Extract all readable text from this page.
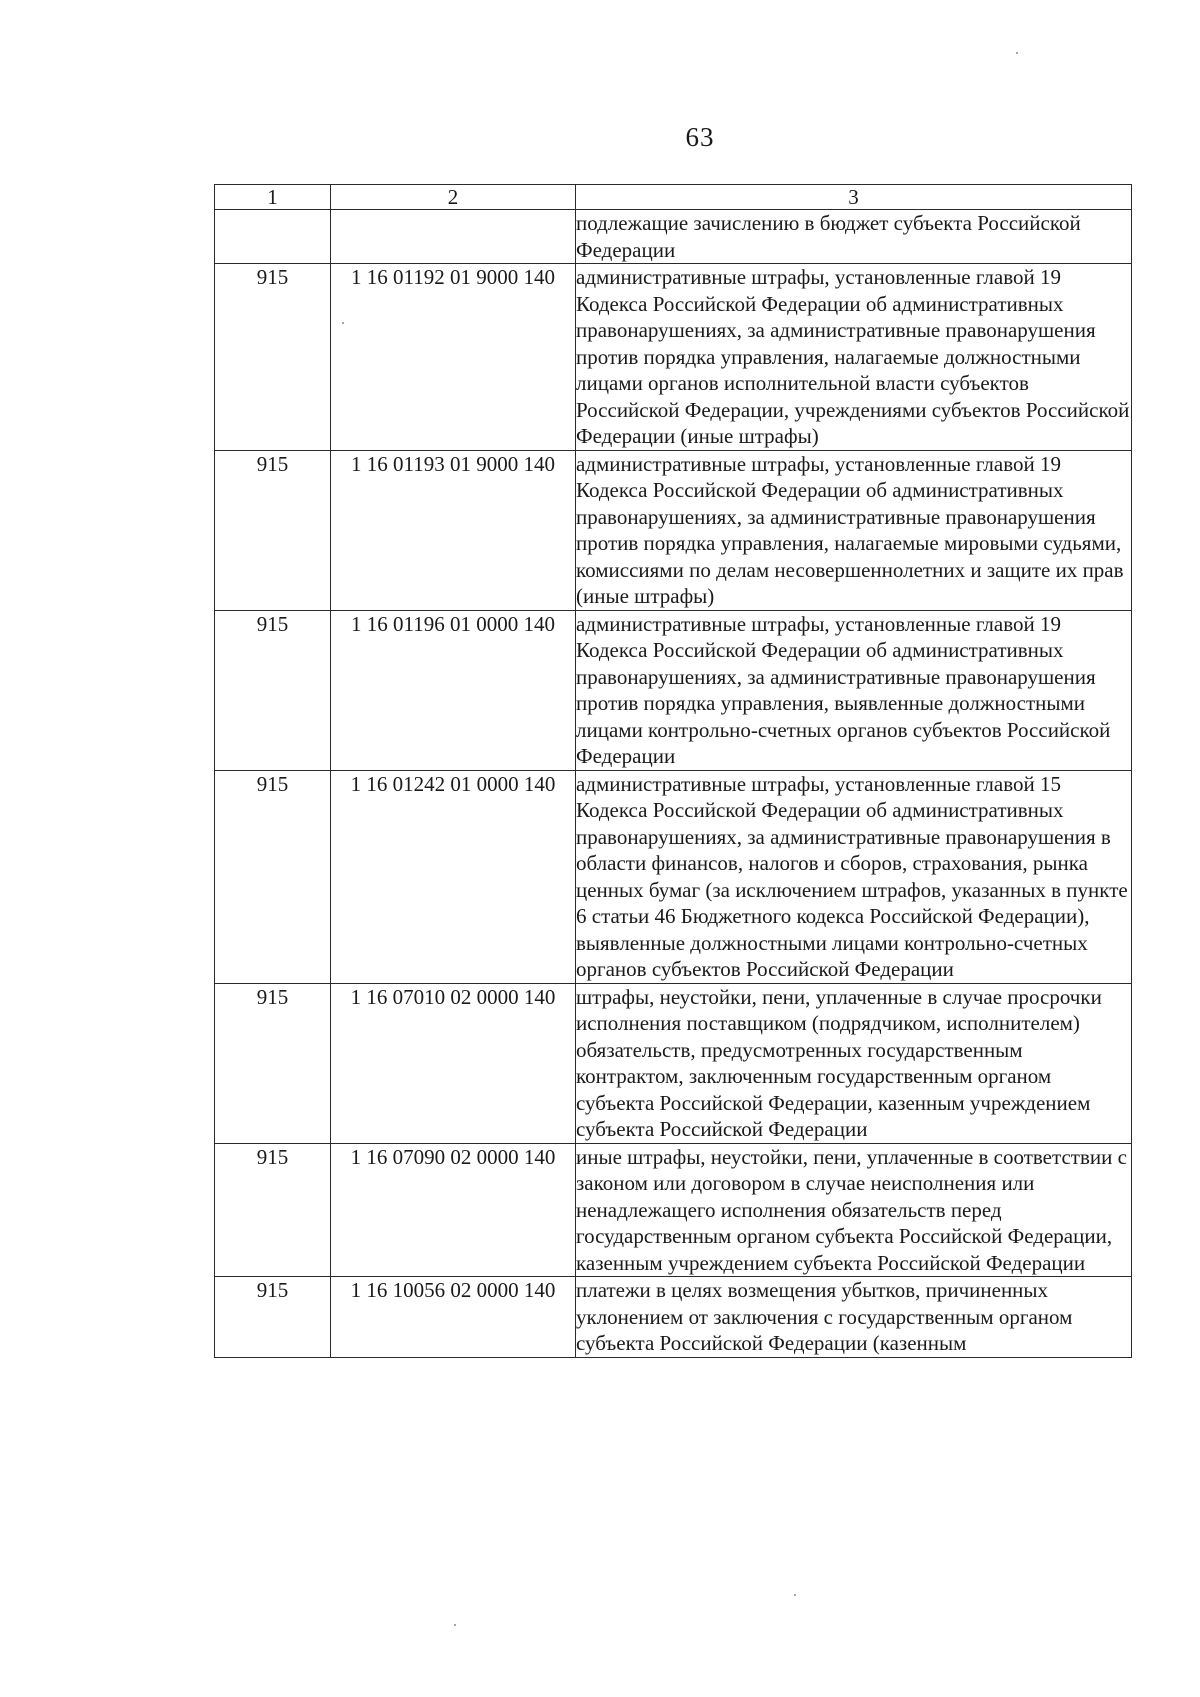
63
1	2	3
		подлежащие зачислению в бюджет субъекта Российской Федерации
915	1 16 01192 01 9000 140	административные штрафы, установленные главой 19 Кодекса Российской Федерации об административных правонарушениях, за административные правонарушения против порядка управления, налагаемые должностными лицами органов исполнительной власти субъектов Российской Федерации, учреждениями субъектов Российской Федерации (иные штрафы)
915	1 16 01193 01 9000 140	административные штрафы, установленные главой 19 Кодекса Российской Федерации об административных правонарушениях, за административные правонарушения против порядка управления, налагаемые мировыми судьями, комиссиями по делам несовершеннолетних и защите их прав (иные штрафы)
915	1 16 01196 01 0000 140	административные штрафы, установленные главой 19 Кодекса Российской Федерации об административных правонарушениях, за административные правонарушения против порядка управления, выявленные должностными лицами контрольно-счетных органов субъектов Российской Федерации
915	1 16 01242 01 0000 140	административные штрафы, установленные главой 15 Кодекса Российской Федерации об административных правонарушениях, за административные правонарушения в области финансов, налогов и сборов, страхования, рынка ценных бумаг (за исключением штрафов, указанных в пункте 6 статьи 46 Бюджетного кодекса Российской Федерации), выявленные должностными лицами контрольно-счетных органов субъектов Российской Федерации
915	1 16 07010 02 0000 140	штрафы, неустойки, пени, уплаченные в случае просрочки исполнения поставщиком (подрядчиком, исполнителем) обязательств, предусмотренных государственным контрактом, заключенным государственным органом субъекта Российской Федерации, казенным учреждением субъекта Российской Федерации
915	1 16 07090 02 0000 140	иные штрафы, неустойки, пени, уплаченные в соответствии с законом или договором в случае неисполнения или ненадлежащего исполнения обязательств перед государственным органом субъекта Российской Федерации, казенным учреждением субъекта Российской Федерации
915	1 16 10056 02 0000 140	платежи в целях возмещения убытков, причиненных уклонением от заключения с государственным органом субъекта Российской Федерации (казенным
